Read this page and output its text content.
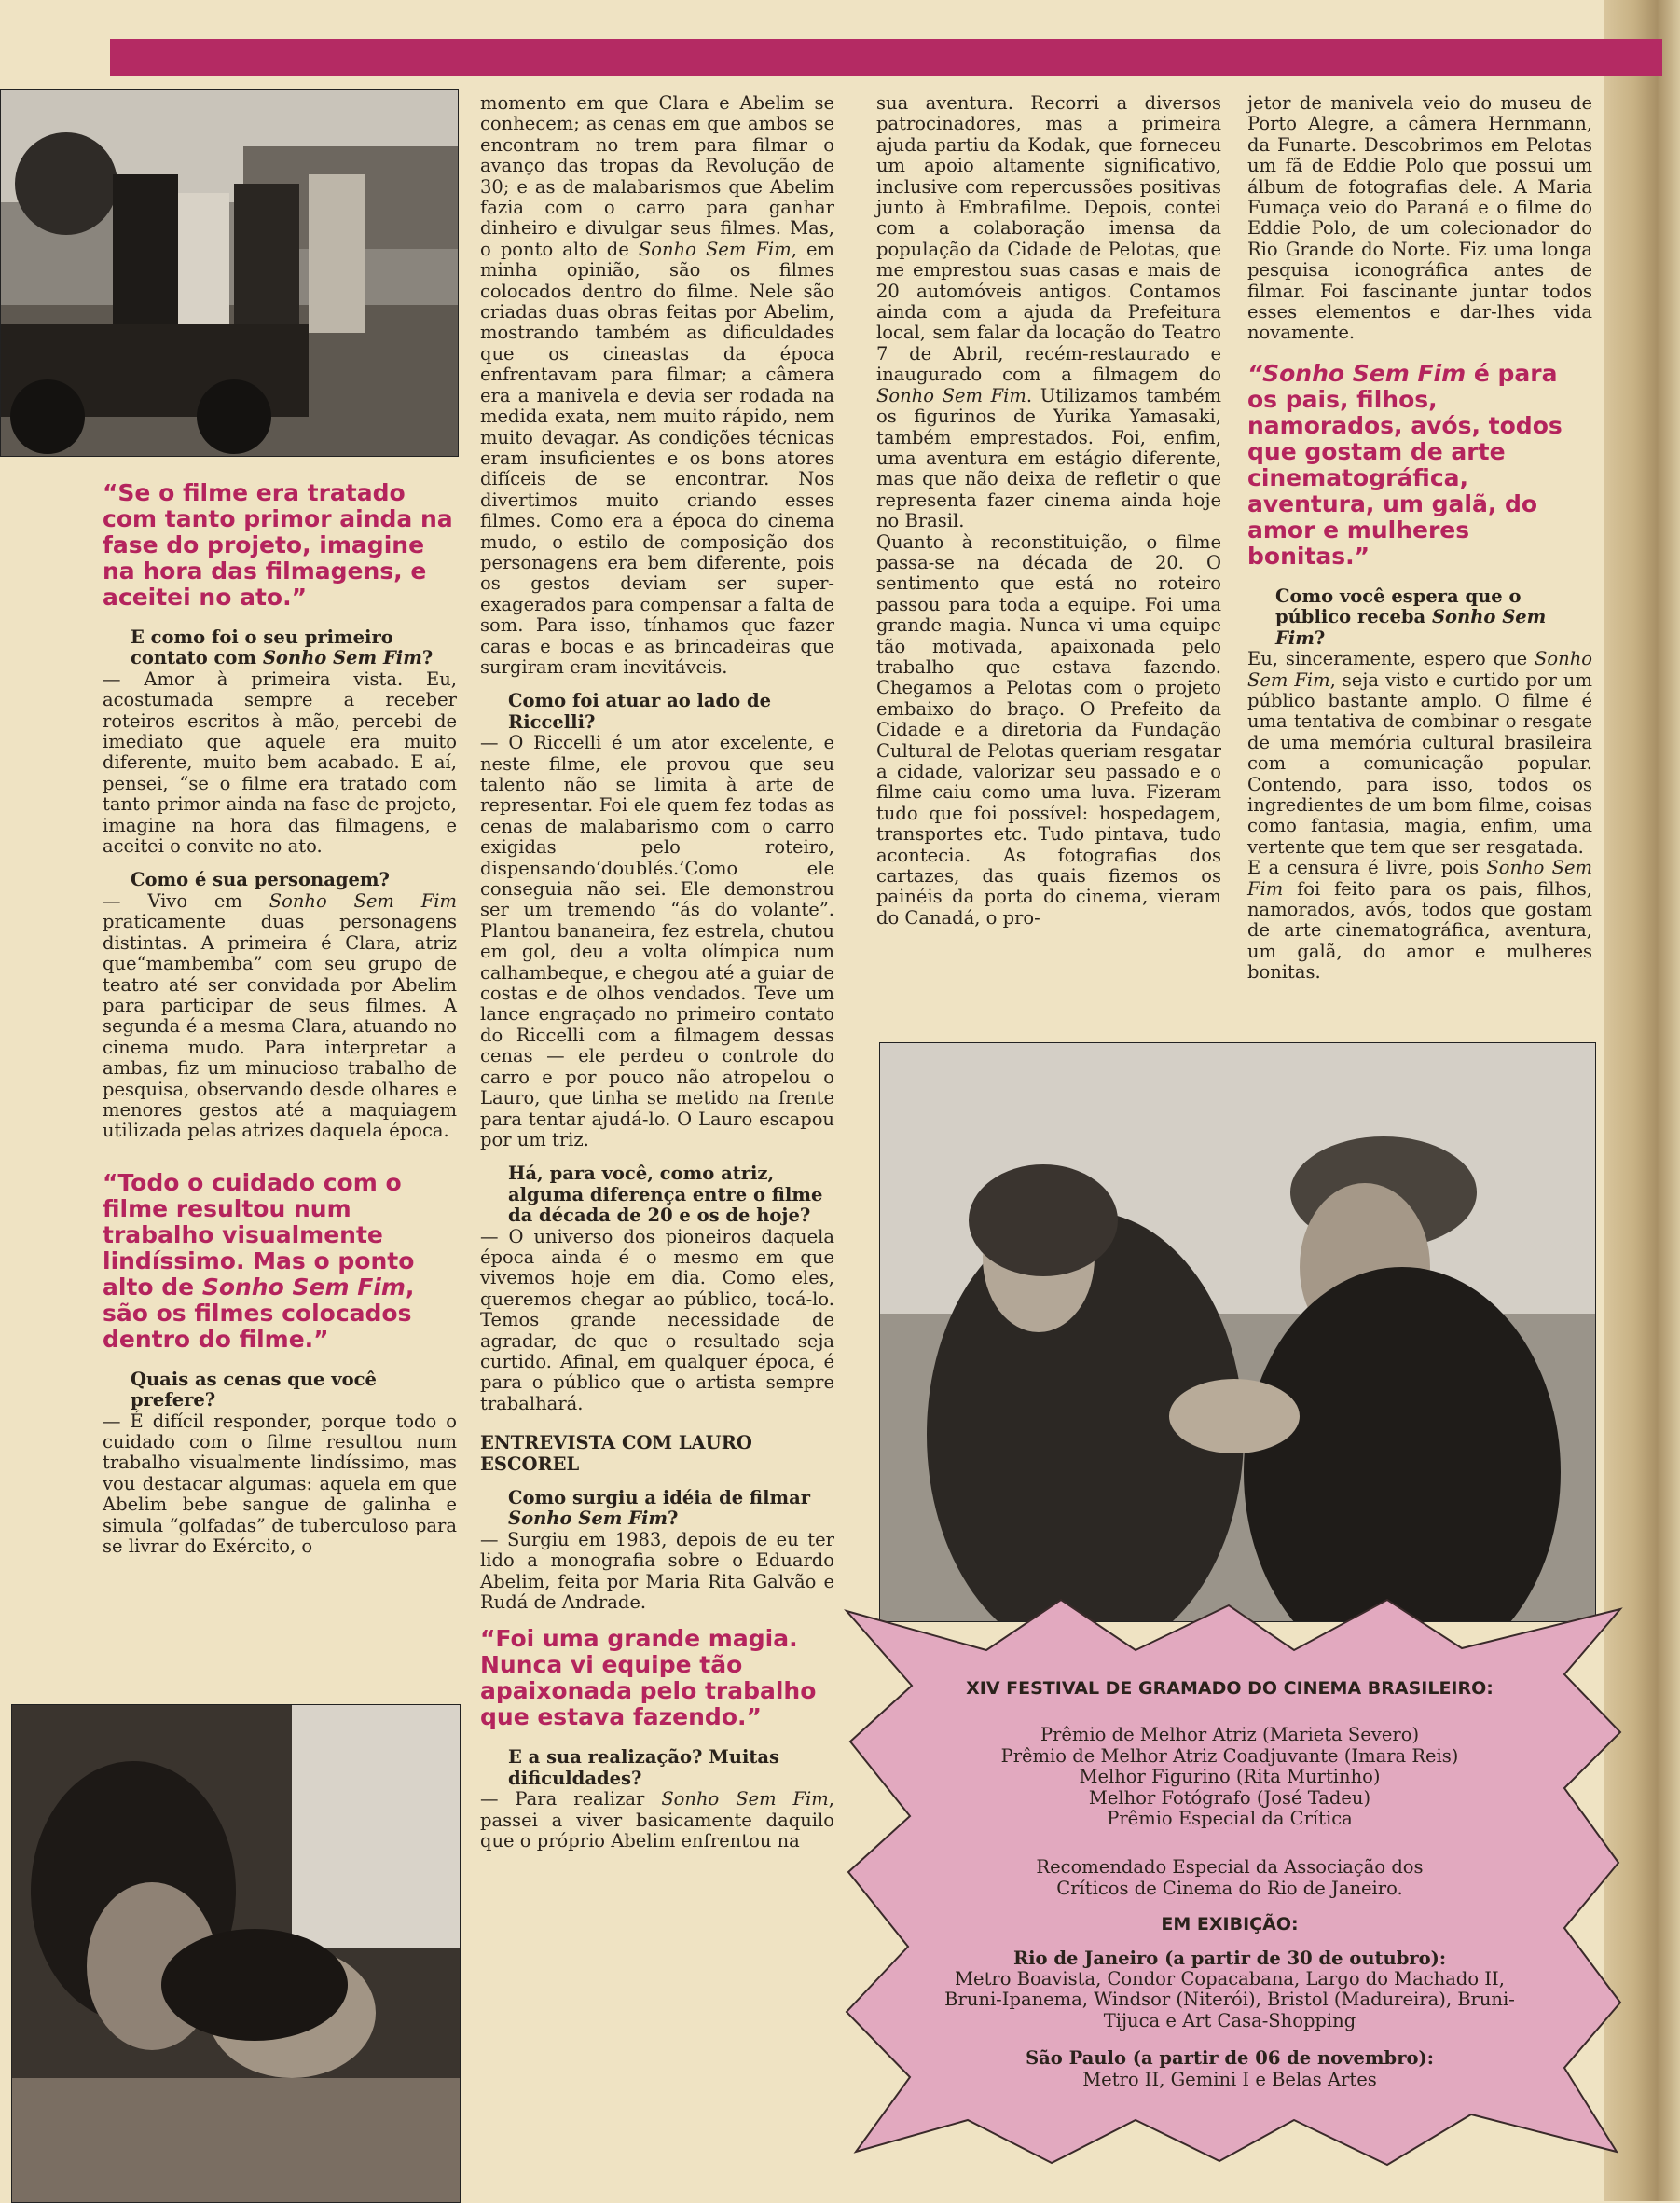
“Se o filme era tratado com tanto primor ainda na fase do projeto, imagine na hora das filmagens, e aceitei no ato.”

E como foi o seu primeiro contato com Sonho Sem Fim?

— Amor à primeira vista. Eu, acostumada sempre a receber roteiros escritos à mão, percebi de imediato que aquele era muito diferente, muito bem acabado. E aí, pensei, “se o filme era tratado com tanto primor ainda na fase de projeto, imagine na hora das filmagens, e aceitei o convite no ato.

Como é sua personagem?

— Vivo em Sonho Sem Fim praticamente duas personagens distintas. A primeira é Clara, atriz que“mambemba” com seu grupo de teatro até ser convidada por Abelim para participar de seus filmes. A segunda é a mesma Clara, atuando no cinema mudo. Para interpretar a ambas, fiz um minucioso trabalho de pesquisa, observando desde olhares e menores gestos até a maquiagem utilizada pelas atrizes daquela época.

“Todo o cuidado com o filme resultou num trabalho visualmente lindíssimo. Mas o ponto alto de Sonho Sem Fim, são os filmes colocados dentro do filme.”

Quais as cenas que você prefere?

— É difícil responder, porque todo o cuidado com o filme resultou num trabalho visualmente lindíssimo, mas vou destacar algumas: aquela em que Abelim bebe sangue de galinha e simula “golfadas” de tuberculoso para se livrar do Exército, o

momento em que Clara e Abelim se conhecem; as cenas em que ambos se encontram no trem para filmar o avanço das tropas da Revolução de 30; e as de malabarismos que Abelim fazia com o carro para ganhar dinheiro e divulgar seus filmes. Mas, o ponto alto de Sonho Sem Fim, em minha opinião, são os filmes colocados dentro do filme. Nele são criadas duas obras feitas por Abelim, mostrando também as dificuldades que os cineastas da época enfrentavam para filmar; a câmera era a manivela e devia ser rodada na medida exata, nem muito rápido, nem muito devagar. As condições técnicas eram insuficientes e os bons atores difíceis de se encontrar. Nos divertimos muito criando esses filmes. Como era a época do cinema mudo, o estilo de composição dos personagens era bem diferente, pois os gestos deviam ser super-exagerados para compensar a falta de som. Para isso, tínhamos que fazer caras e bocas e as brincadeiras que surgiram eram inevitáveis.

Como foi atuar ao lado de Riccelli?

— O Riccelli é um ator excelente, e neste filme, ele provou que seu talento não se limita à arte de representar. Foi ele quem fez todas as cenas de malabarismo com o carro exigidas pelo roteiro, dispensando‘doublés.’Como ele conseguia não sei. Ele demonstrou ser um tremendo “ás do volante”. Plantou bananeira, fez estrela, chutou em gol, deu a volta olímpica num calhambeque, e chegou até a guiar de costas e de olhos vendados. Teve um lance engraçado no primeiro contato do Riccelli com a filmagem dessas cenas — ele perdeu o controle do carro e por pouco não atropelou o Lauro, que tinha se metido na frente para tentar ajudá-lo. O Lauro escapou por um triz.

Há, para você, como atriz, alguma diferença entre o filme da década de 20 e os de hoje?

— O universo dos pioneiros daquela época ainda é o mesmo em que vivemos hoje em dia. Como eles, queremos chegar ao público, tocá-lo. Temos grande necessidade de agradar, de que o resultado seja curtido. Afinal, em qualquer época, é para o público que o artista sempre trabalhará.

ENTREVISTA COM LAURO ESCOREL

Como surgiu a idéia de filmar Sonho Sem Fim?

— Surgiu em 1983, depois de eu ter lido a monografia sobre o Eduardo Abelim, feita por Maria Rita Galvão e Rudá de Andrade.

“Foi uma grande magia. Nunca vi equipe tão apaixonada pelo trabalho que estava fazendo.”

E a sua realização? Muitas dificuldades?

— Para realizar Sonho Sem Fim, passei a viver basicamente daquilo que o próprio Abelim enfrentou na

sua aventura. Recorri a diversos patrocinadores, mas a primeira ajuda partiu da Kodak, que forneceu um apoio altamente significativo, inclusive com repercussões positivas junto à Embrafilme. Depois, contei com a colaboração imensa da população da Cidade de Pelotas, que me emprestou suas casas e mais de 20 automóveis antigos. Contamos ainda com a ajuda da Prefeitura local, sem falar da locação do Teatro 7 de Abril, recém-restaurado e inaugurado com a filmagem do Sonho Sem Fim. Utilizamos também os figurinos de Yurika Yamasaki, também emprestados. Foi, enfim, uma aventura em estágio diferente, mas que não deixa de refletir o que representa fazer cinema ainda hoje no Brasil.

Quanto à reconstituição, o filme passa-se na década de 20. O sentimento que está no roteiro passou para toda a equipe. Foi uma grande magia. Nunca vi uma equipe tão motivada, apaixonada pelo trabalho que estava fazendo. Chegamos a Pelotas com o projeto embaixo do braço. O Prefeito da Cidade e a diretoria da Fundação Cultural de Pelotas queriam resgatar a cidade, valorizar seu passado e o filme caiu como uma luva. Fizeram tudo que foi possível: hospedagem, transportes etc. Tudo pintava, tudo acontecia. As fotografias dos cartazes, das quais fizemos os painéis da porta do cinema, vieram do Canadá, o pro-

jetor de manivela veio do museu de Porto Alegre, a câmera Hernmann, da Funarte. Descobrimos em Pelotas um fã de Eddie Polo que possui um álbum de fotografias dele. A Maria Fumaça veio do Paraná e o filme do Eddie Polo, de um colecionador do Rio Grande do Norte. Fiz uma longa pesquisa iconográfica antes de filmar. Foi fascinante juntar todos esses elementos e dar-lhes vida novamente.

“Sonho Sem Fim é para os pais, filhos, namorados, avós, todos que gostam de arte cinematográfica, aventura, um galã, do amor e mulheres bonitas.”

Como você espera que o público receba Sonho Sem Fim?

Eu, sinceramente, espero que Sonho Sem Fim, seja visto e curtido por um público bastante amplo. O filme é uma tentativa de combinar o resgate de uma memória cultural brasileira com a comunicação popular. Contendo, para isso, todos os ingredientes de um bom filme, coisas como fantasia, magia, enfim, uma vertente que tem que ser resgatada.

E a censura é livre, pois Sonho Sem Fim foi feito para os pais, filhos, namorados, avós, todos que gostam de arte cinematográfica, aventura, um galã, do amor e mulheres bonitas.

XIV FESTIVAL DE GRAMADO DO CINEMA BRASILEIRO:
Prêmio de Melhor Atriz (Marieta Severo)
Prêmio de Melhor Atriz Coadjuvante (Imara Reis)
Melhor Figurino (Rita Murtinho)
Melhor Fotógrafo (José Tadeu)
Prêmio Especial da Crítica
Recomendado Especial da Associação dos Críticos de Cinema do Rio de Janeiro.
EM EXIBIÇÃO:
Rio de Janeiro (a partir de 30 de outubro):
Metro Boavista, Condor Copacabana, Largo do Machado II, Bruni-Ipanema, Windsor (Niterói), Bristol (Madureira), Bruni-Tijuca e Art Casa-Shopping
São Paulo (a partir de 06 de novembro):
Metro II, Gemini I e Belas Artes
